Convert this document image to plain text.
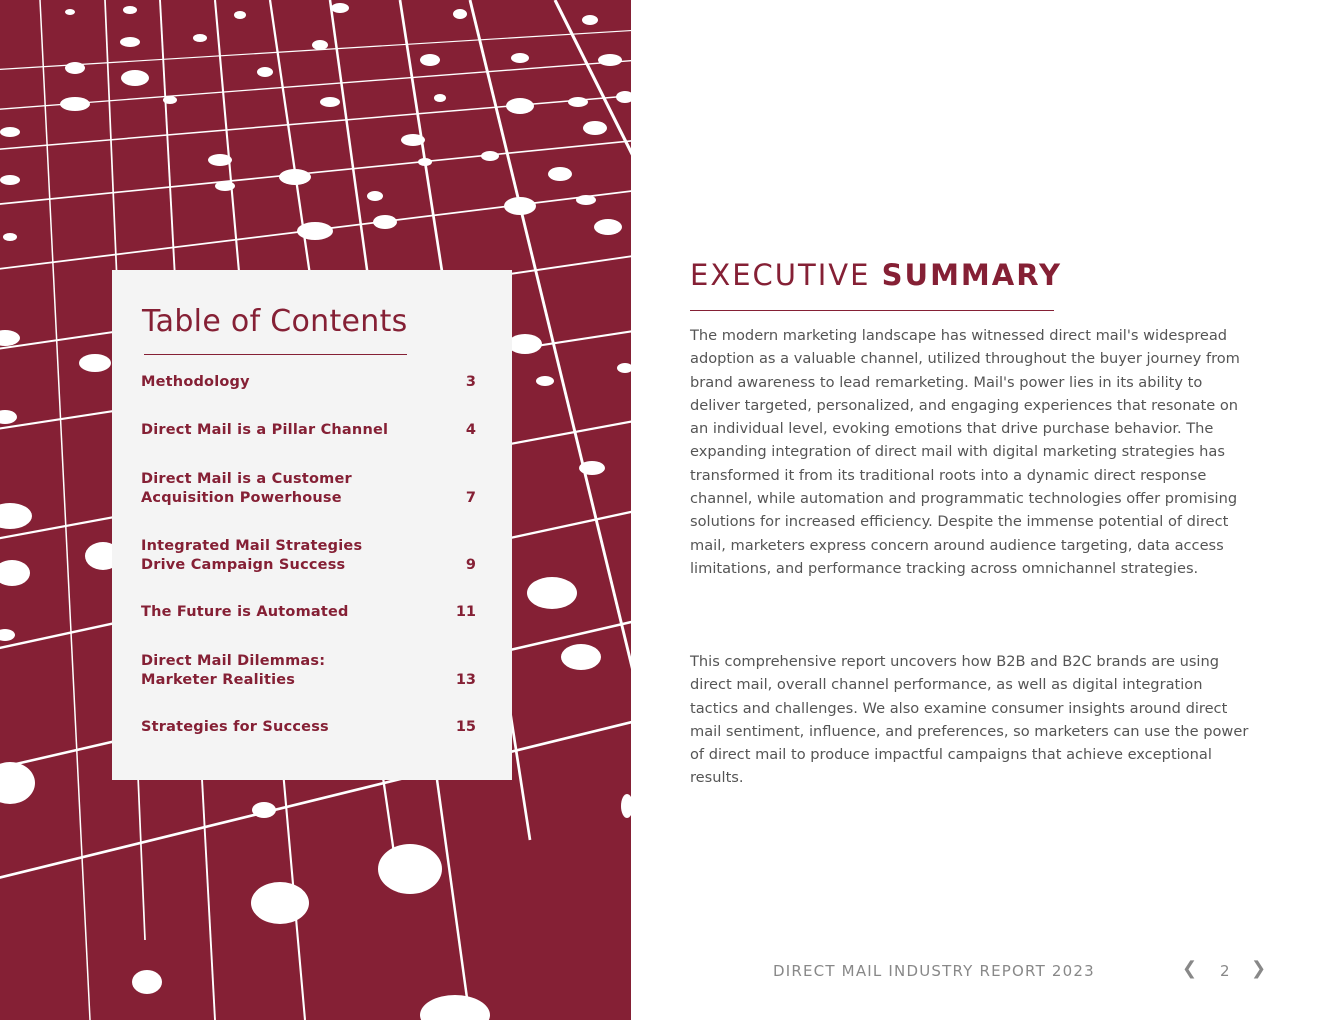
Table of Contents
Methodology	3
Direct Mail is a Pillar Channel	4
Direct Mail is a Customer
Acquisition Powerhouse	7
Integrated Mail Strategies
Drive Campaign Success	9
The Future is Automated	11
Direct Mail Dilemmas:
Marketer Realities	13
Strategies for Success	15
EXECUTIVE SUMMARY

The modern marketing landscape has witnessed direct mail's widespread adoption as a valuable channel, utilized throughout the buyer journey from brand awareness to lead remarketing. Mail's power lies in its ability to deliver targeted, personalized, and engaging experiences that resonate on an individual level, evoking emotions that drive purchase behavior. The expanding integration of direct mail with digital marketing strategies has transformed it from its traditional roots into a dynamic direct response channel, while automation and programmatic technologies offer promising solutions for increased efficiency. Despite the immense potential of direct mail, marketers express concern around audience targeting, data access limitations, and performance tracking across omnichannel strategies.

This comprehensive report uncovers how B2B and B2C brands are using direct mail, overall channel performance, as well as digital integration tactics and challenges. We also examine consumer insights around direct mail sentiment, influence, and preferences, so marketers can use the power of direct mail to produce impactful campaigns that achieve exceptional results.

DIRECT MAIL INDUSTRY REPORT 2023	❮ 2 ❯
